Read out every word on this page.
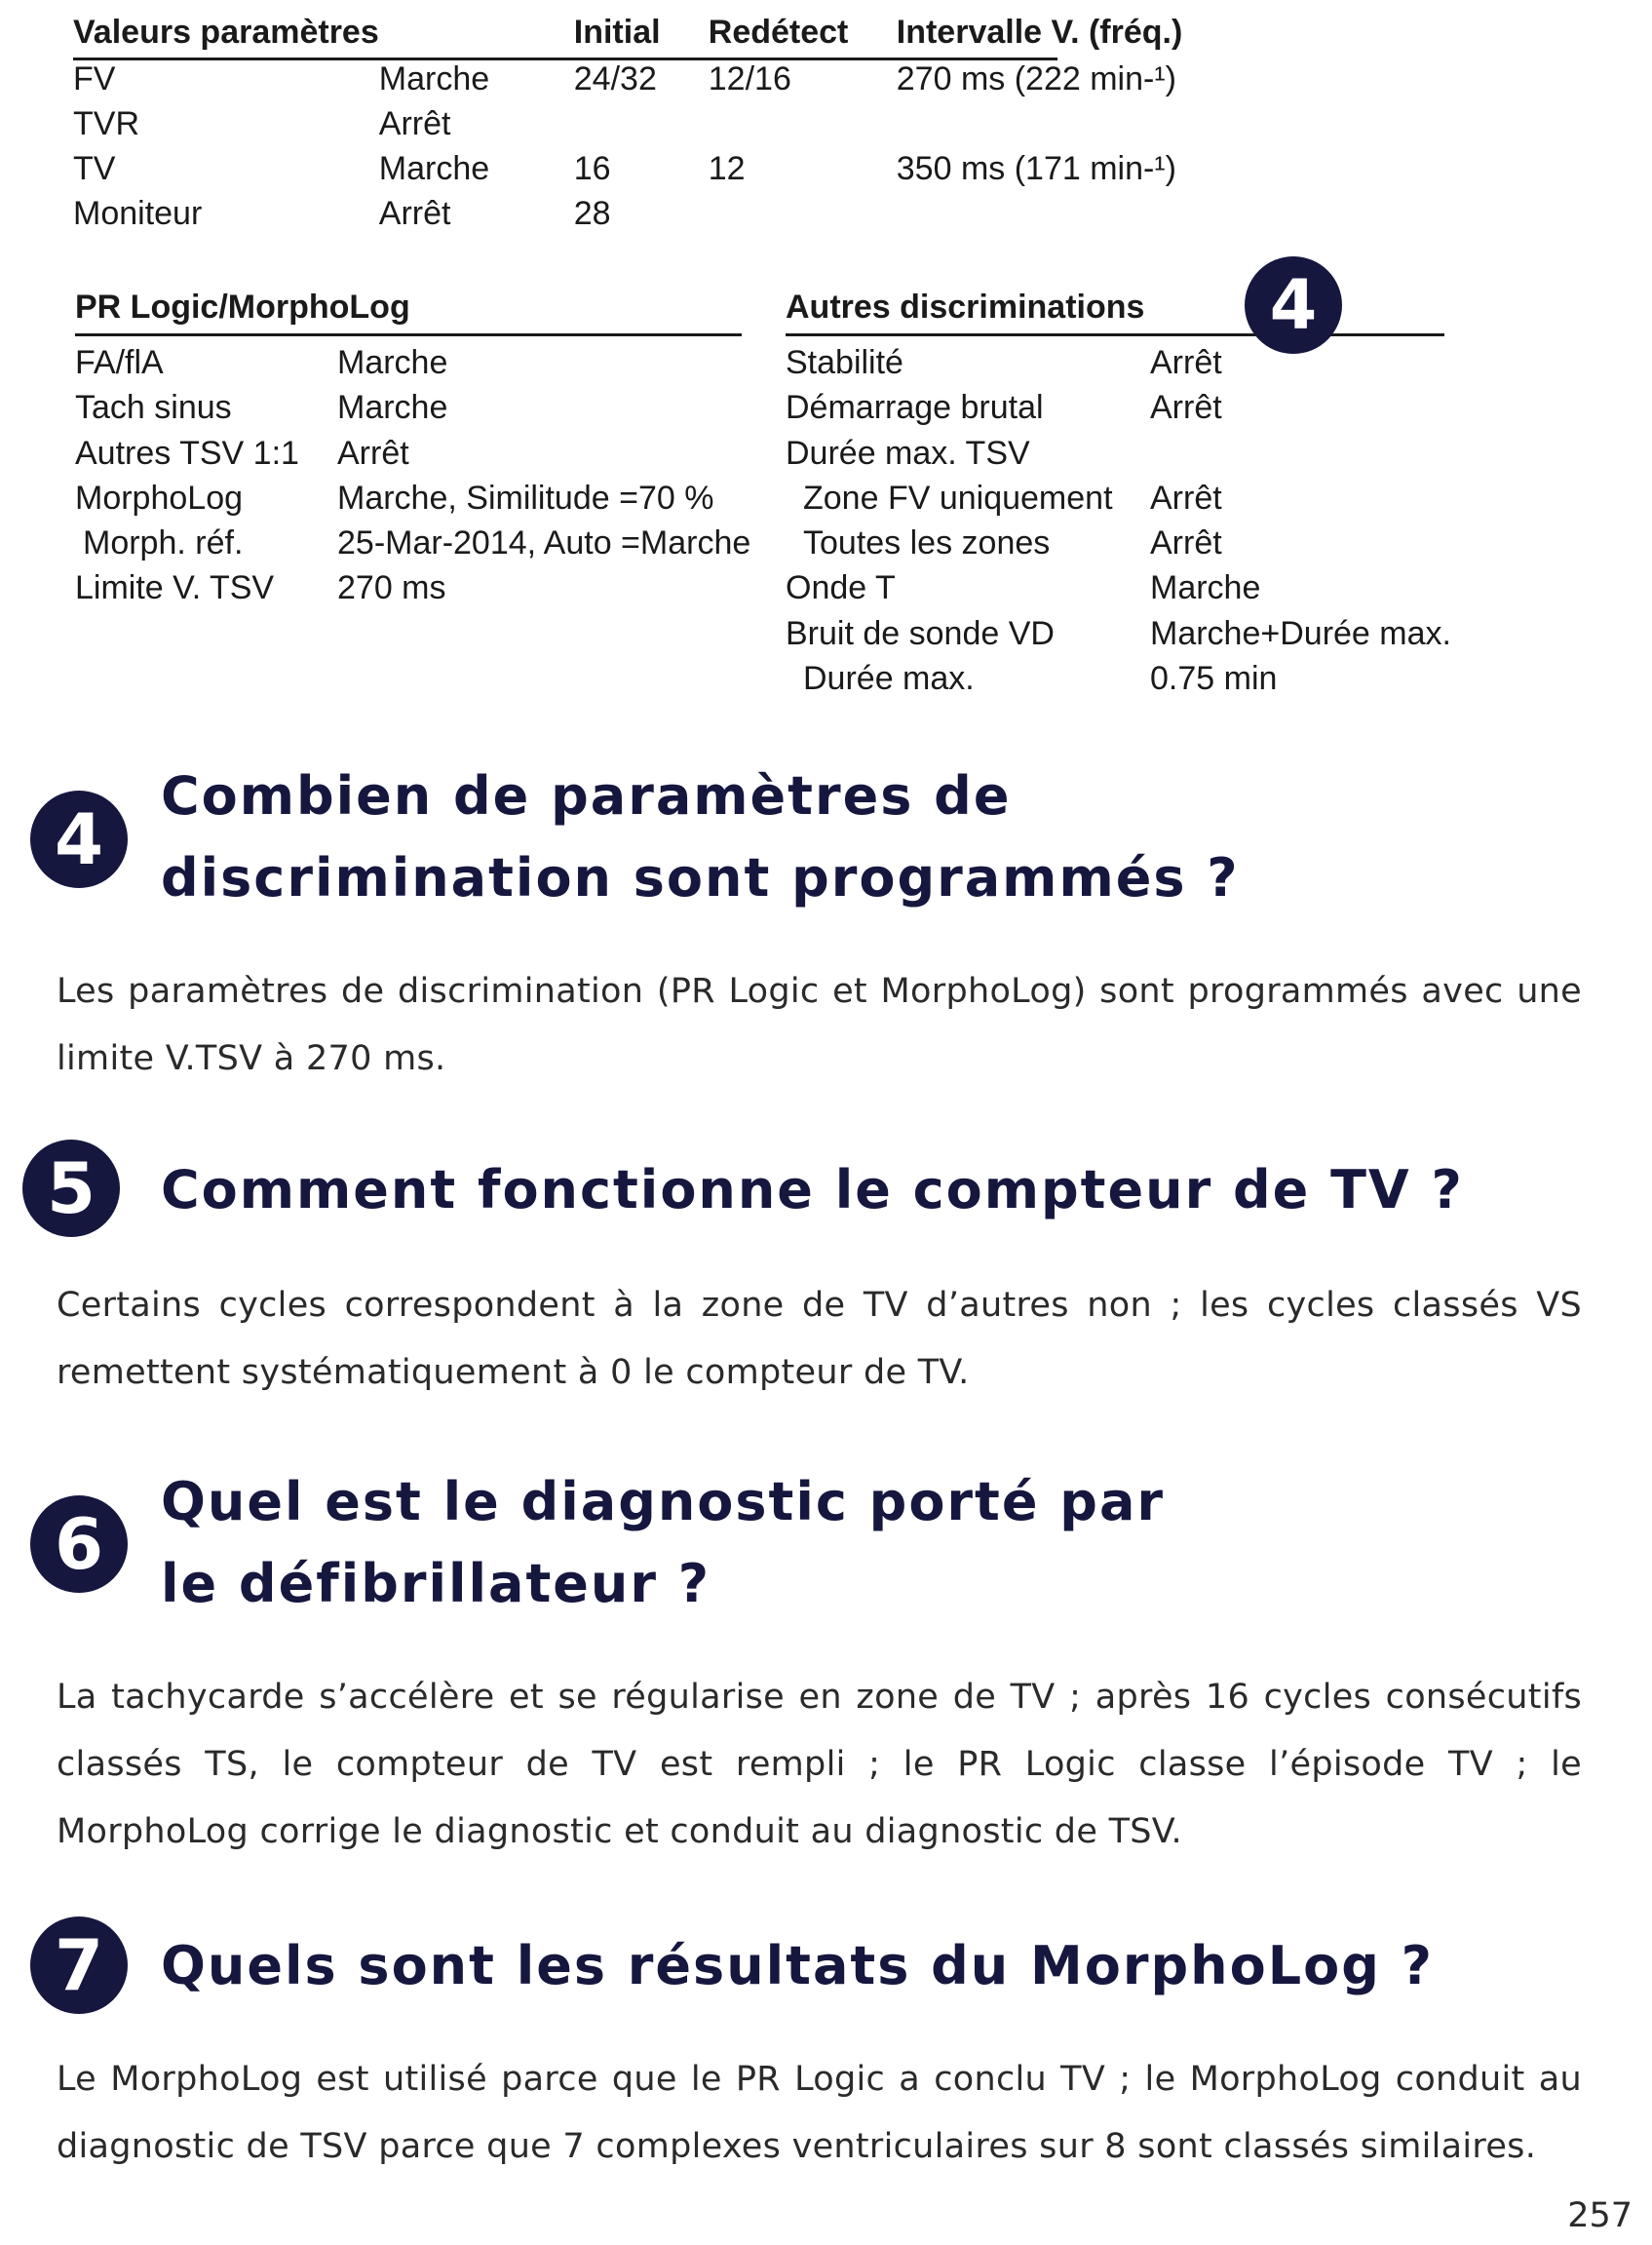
Valeurs paramètres		Initial	Redétect	Intervalle V. (fréq.)
FV	Marche	24/32	12/16	270 ms (222 min-¹)
TVR	Arrêt			
TV	Marche	16	12	350 ms (171 min-¹)
Moniteur	Arrêt	28		
PR Logic/MorphoLog
FA/flA	Marche
Tach sinus	Marche
Autres TSV 1:1	Arrêt
MorphoLog	Marche, Similitude =70 %
Morph. réf.	25-Mar-2014, Auto =Marche
Limite V. TSV	270 ms
Autres discriminations	4
Stabilité	Arrêt
Démarrage brutal	Arrêt
Durée max. TSV
Zone FV uniquement	Arrêt
Toutes les zones	Arrêt
Onde T	Marche
Bruit de sonde VD	Marche+Durée max.
Durée max.	0.75 min
4
Combien de paramètres de
discrimination sont programmés ?

Les paramètres de discrimination (PR Logic et MorphoLog) sont programmés avec une limite V.TSV à 270 ms.

5	Comment fonctionne le compteur de TV ?

Certains cycles correspondent à la zone de TV d’autres non ; les cycles classés VS remettent systématiquement à 0 le compteur de TV.

6
Quel est le diagnostic porté par
le défibrillateur ?

La tachycarde s’accélère et se régularise en zone de TV ; après 16 cycles consécutifs classés TS, le compteur de TV est rempli ; le PR Logic classe l’épisode TV ; le MorphoLog corrige le diagnostic et conduit au diagnostic de TSV.

7	Quels sont les résultats du MorphoLog ?

Le MorphoLog est utilisé parce que le PR Logic a conclu TV ; le MorphoLog conduit au diagnostic de TSV parce que 7 complexes ventriculaires sur 8 sont classés similaires.

257
